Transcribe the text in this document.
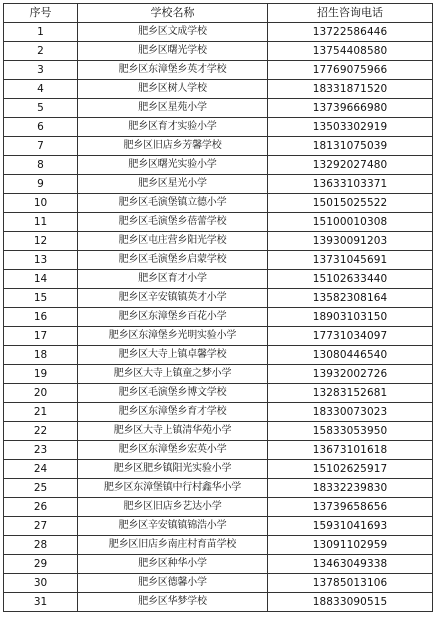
序号	学校名称	招生咨询电话
1	肥乡区文成学校	13722586446
2	肥乡区曙光学校	13754408580
3	肥乡区东漳堡乡英才学校	17769075966
4	肥乡区树人学校	18331871520
5	肥乡区星苑小学	13739666980
6	肥乡区育才实验小学	13503302919
7	肥乡区旧店乡芳馨学校	18131075039
8	肥乡区曙光实验小学	13292027480
9	肥乡区星光小学	13633103371
10	肥乡区毛演堡镇立德小学	15015025522
11	肥乡区毛演堡乡蓓蕾学校	15100010308
12	肥乡区屯庄营乡阳光学校	13930091203
13	肥乡区毛演堡乡启蒙学校	13731045691
14	肥乡区育才小学	15102633440
15	肥乡区辛安镇镇英才小学	13582308164
16	肥乡区东漳堡乡百花小学	18903103150
17	肥乡区东漳堡乡光明实验小学	17731034097
18	肥乡区大寺上镇卓馨学校	13080446540
19	肥乡区大寺上镇童之梦小学	13932002726
20	肥乡区毛演堡乡博文学校	13283152681
21	肥乡区东漳堡乡育才学校	18330073023
22	肥乡区大寺上镇清华苑小学	15833053950
23	肥乡区东漳堡乡宏英小学	13673101618
24	肥乡区肥乡镇阳光实验小学	15102625917
25	肥乡区东漳堡镇中行村鑫华小学	18332239830
26	肥乡区旧店乡艺达小学	13739658656
27	肥乡区辛安镇镇锦浩小学	15931041693
28	肥乡区旧店乡南庄村育苗学校	13091102959
29	肥乡区种华小学	13463049338
30	肥乡区德馨小学	13785013106
31	肥乡区华梦学校	18833090515
